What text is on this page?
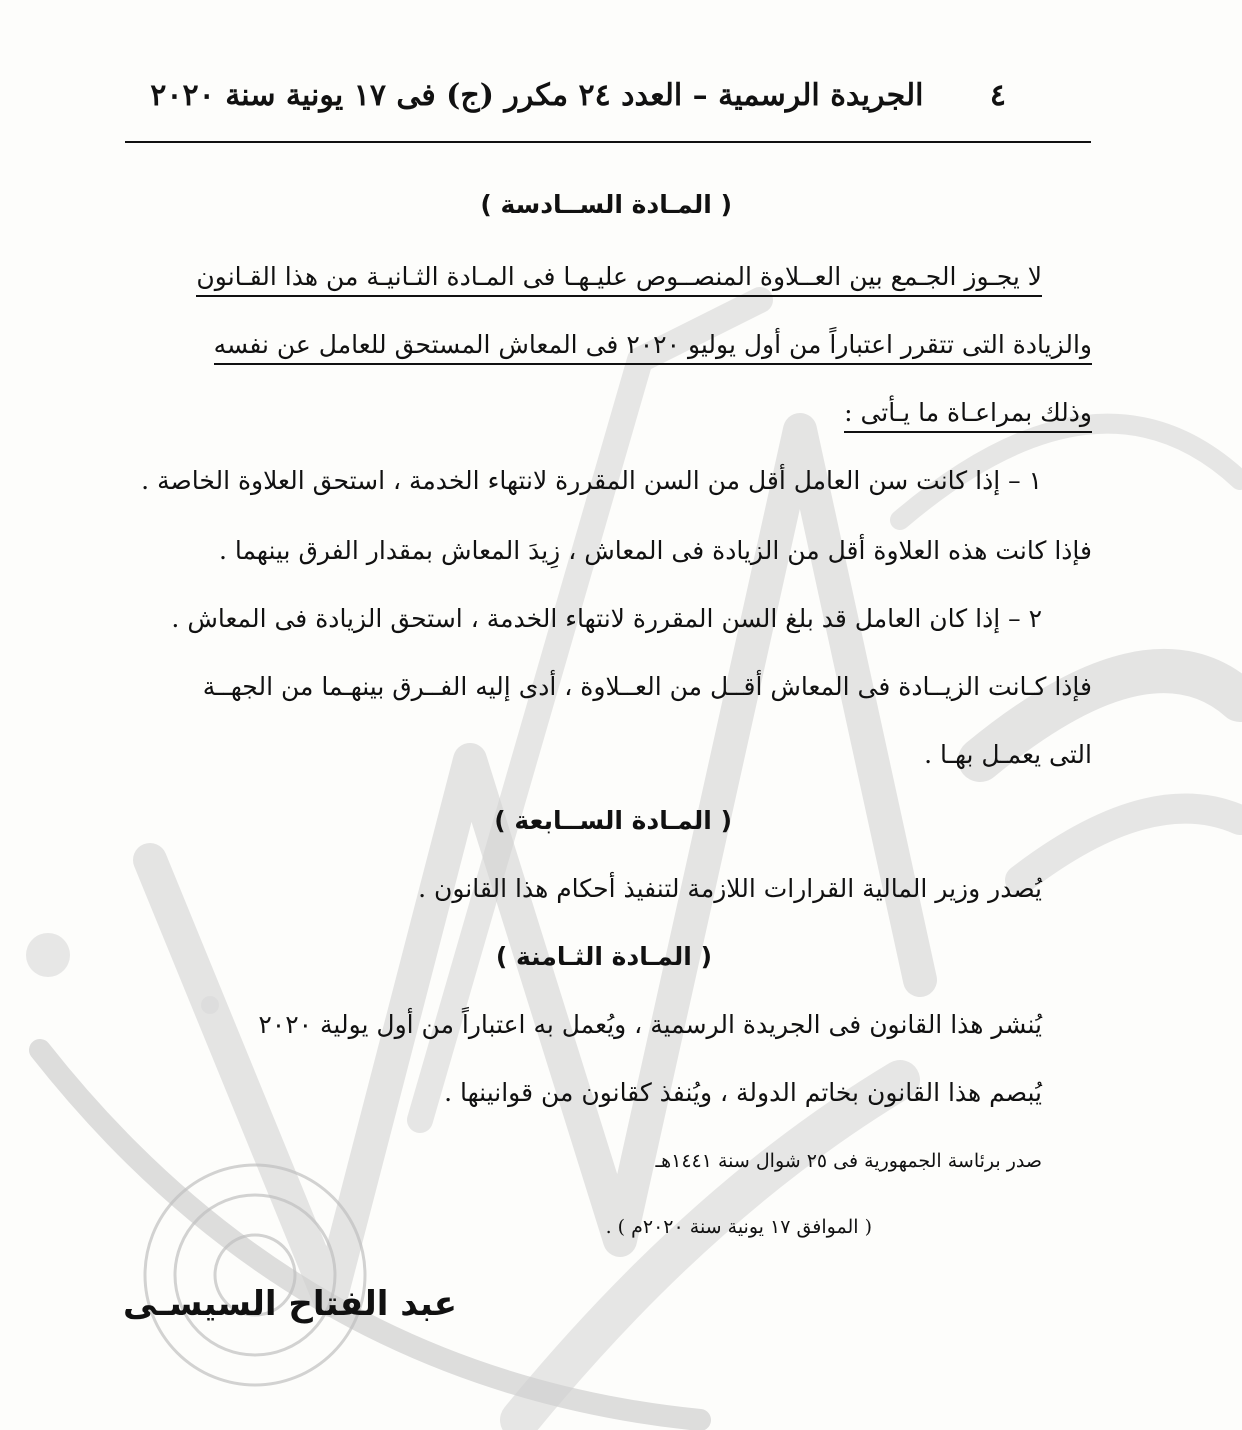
٤ الجريدة الرسمية – العدد ٢٤ مكرر (ج) فى ١٧ يونية سنة ٢٠٢٠
( المـادة الســادسة )
لا يجـوز الجـمع بين العــلاوة المنصــوص عليـهـا فى المـادة الثـانيـة من هذا القـانون
والزيادة التى تتقرر اعتباراً من أول يوليو ٢٠٢٠ فى المعاش المستحق للعامل عن نفسه
وذلك بمراعـاة ما يـأتى :
١ – إذا كانت سن العامل أقل من السن المقررة لانتهاء الخدمة ، استحق العلاوة الخاصة .
فإذا كانت هذه العلاوة أقل من الزيادة فى المعاش ، زِيدَ المعاش بمقدار الفرق بينهما .
٢ – إذا كان العامل قد بلغ السن المقررة لانتهاء الخدمة ، استحق الزيادة فى المعاش .
فإذا كـانت الزيــادة فى المعاش أقــل من العــلاوة ، أدى إليه الفــرق بينهـما من الجهــة
التى يعمـل بهـا .
( المـادة الســابعة )
يُصدر وزير المالية القرارات اللازمة لتنفيذ أحكام هذا القانون .
( المـادة الثـامنة )
يُنشر هذا القانون فى الجريدة الرسمية ، ويُعمل به اعتباراً من أول يولية ٢٠٢٠
يُبصم هذا القانون بخاتم الدولة ، ويُنفذ كقانون من قوانينها .
صدر برئاسة الجمهورية فى ٢٥ شوال سنة ١٤٤١هـ
( الموافق ١٧ يونية سنة ٢٠٢٠م ) .
عبد الفتاح السيسـى
